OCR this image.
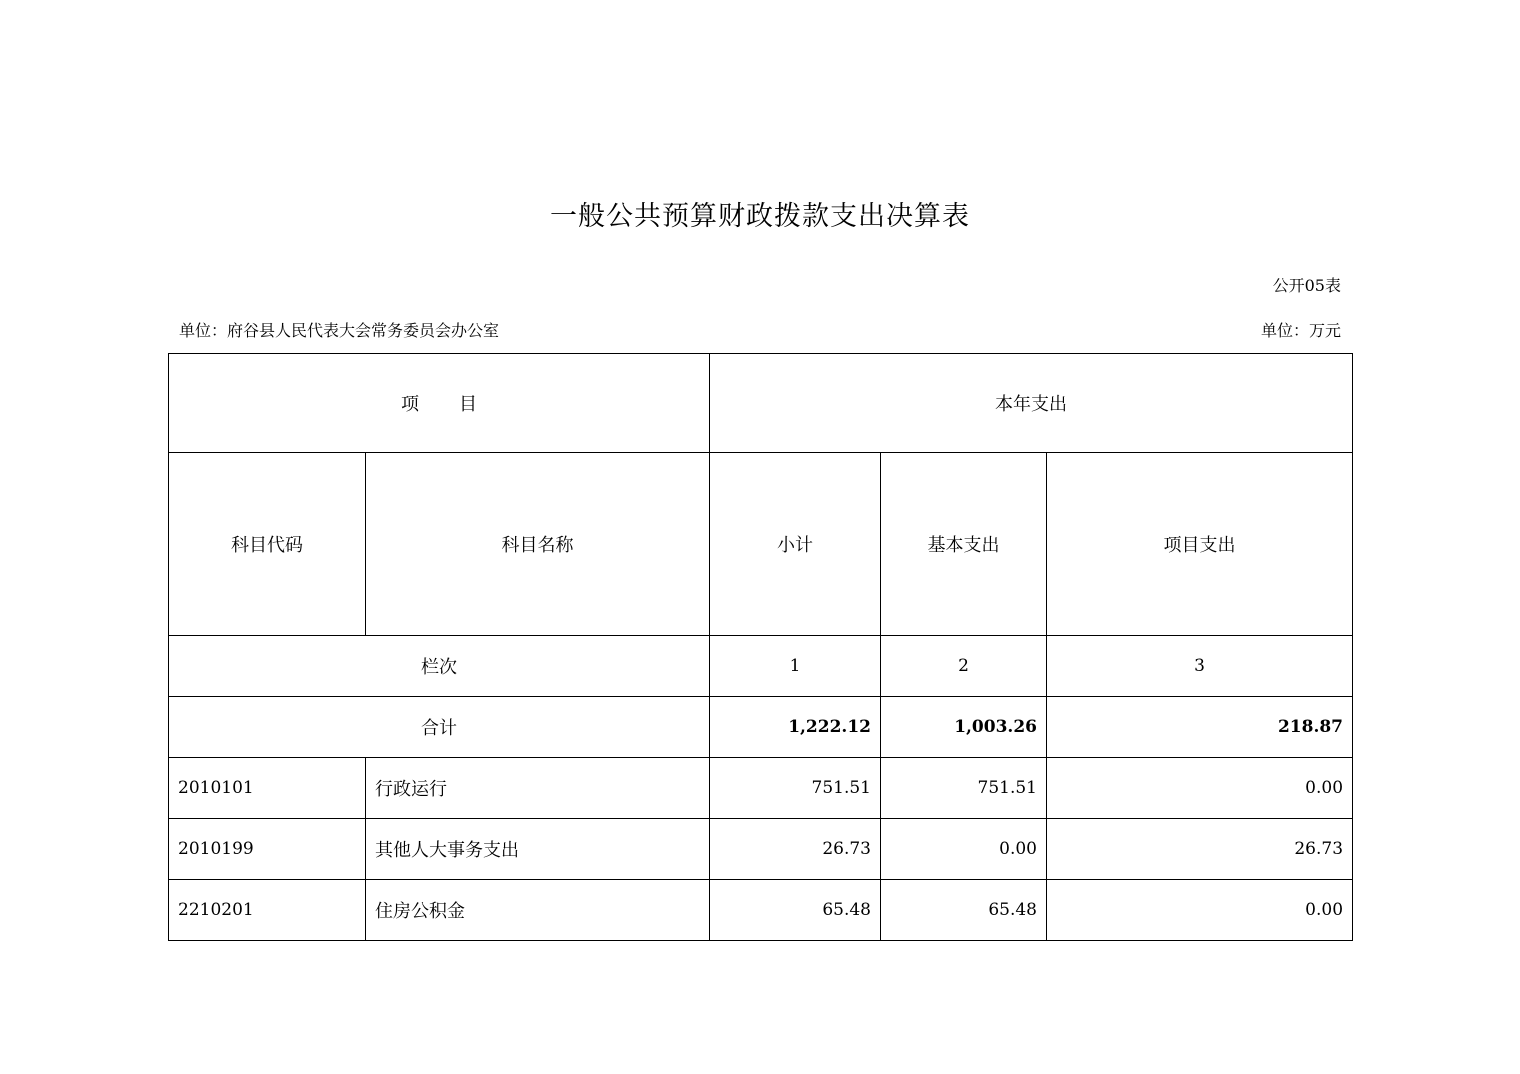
一般公共预算财政拨款支出决算表
公开05表
单位：府谷县人民代表大会常务委员会办公室	单位：万元
项 目		本年支出		
科目代码	科目名称	小计	基本支出	项目支出
栏次		1	2	3
合计		1,222.12	1,003.26	218.87
2010101	行政运行	751.51	751.51	0.00
2010199	其他人大事务支出	26.73	0.00	26.73
2210201	住房公积金	65.48	65.48	0.00
